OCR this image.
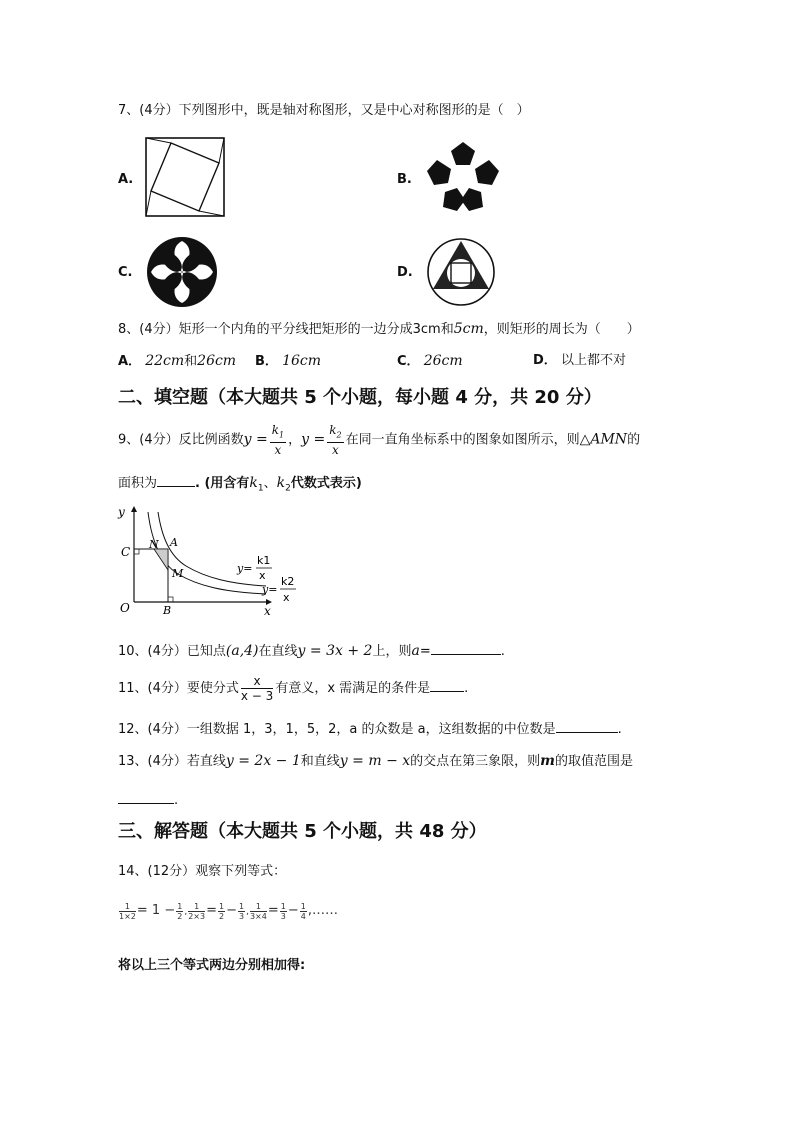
7、(4分）下列图形中，既是轴对称图形，又是中心对称图形的是（　）
A.	B.
C.	D.
8、(4分）矩形一个内角的平分线把矩形的一边分成3cm和5cm，则矩形的周长为（　　）
A． 22cm和26cm B． 16cm	C． 26cm	D． 以上都不对
二、填空题（本大题共 5 个小题，每小题 4 分，共 20 分）
9、(4分）反比例函数$y = \frac{k_1}{x}$ ，$y = \frac{k_2}{x}$ 在同一直角坐标系中的图象如图所示，则△AMN的
面积为	. (用含有$k_1$、$k_2$代数式表示)
y
x
O
C
N A
M
B
y=
k1
x
y=
k2
x
10、(4分）已知点(a,4)在直线y = 3x + 2上，则a=	.
11、(4分）要使分式 $\frac{x}{x - 3}$ 有意义，x 需满足的条件是	.
12、(4分）一组数据 1，3，1，5，2，a 的众数是 a，这组数据的中位数是	.
13、(4分）若直线y = 2x − 1和直线y = m − x的交点在第三象限，则m的取值范围是
.
三、解答题（本大题共 5 个小题，共 48 分）
14、(12分）观察下列等式：
$\frac{1}{1\times 2} = 1 - \frac{1}{2}$ , $\frac{1}{2\times 3} = \frac{1}{2} - \frac{1}{3}$ , $\frac{1}{3\times 4} = \frac{1}{3} - \frac{1}{4}$ ,……
将以上三个等式两边分别相加得:
